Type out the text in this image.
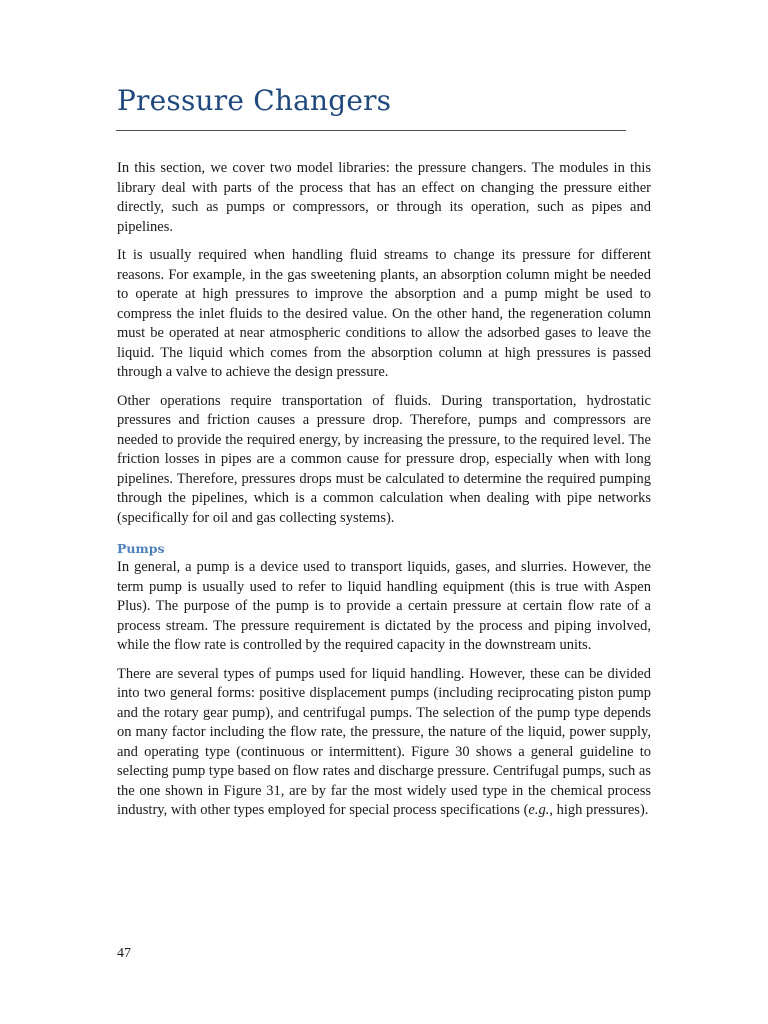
Pressure Changers

In this section, we cover two model libraries: the pressure changers. The modules in this library deal with parts of the process that has an effect on changing the pressure either directly, such as pumps or compressors, or through its operation, such as pipes and pipelines.

It is usually required when handling fluid streams to change its pressure for different reasons. For example, in the gas sweetening plants, an absorption column might be needed to operate at high pressures to improve the absorption and a pump might be used to compress the inlet fluids to the desired value. On the other hand, the regeneration column must be operated at near atmospheric conditions to allow the adsorbed gases to leave the liquid. The liquid which comes from the absorption column at high pressures is passed through a valve to achieve the design pressure.

Other operations require transportation of fluids. During transportation, hydrostatic pressures and friction causes a pressure drop. Therefore, pumps and compressors are needed to provide the required energy, by increasing the pressure, to the required level. The friction losses in pipes are a common cause for pressure drop, especially when with long pipelines. Therefore, pressures drops must be calculated to determine the required pumping through the pipelines, which is a common calculation when dealing with pipe networks (specifically for oil and gas collecting systems).

Pumps

In general, a pump is a device used to transport liquids, gases, and slurries. However, the term pump is usually used to refer to liquid handling equipment (this is true with Aspen Plus). The purpose of the pump is to provide a certain pressure at certain flow rate of a process stream. The pressure requirement is dictated by the process and piping involved, while the flow rate is controlled by the required capacity in the downstream units.

There are several types of pumps used for liquid handling. However, these can be divided into two general forms: positive displacement pumps (including reciprocating piston pump and the rotary gear pump), and centrifugal pumps. The selection of the pump type depends on many factor including the flow rate, the pressure, the nature of the liquid, power supply, and operating type (continuous or intermittent). Figure 30 shows a general guideline to selecting pump type based on flow rates and discharge pressure. Centrifugal pumps, such as the one shown in Figure 31, are by far the most widely used type in the chemical process industry, with other types employed for special process specifications (e.g., high pressures).

47
